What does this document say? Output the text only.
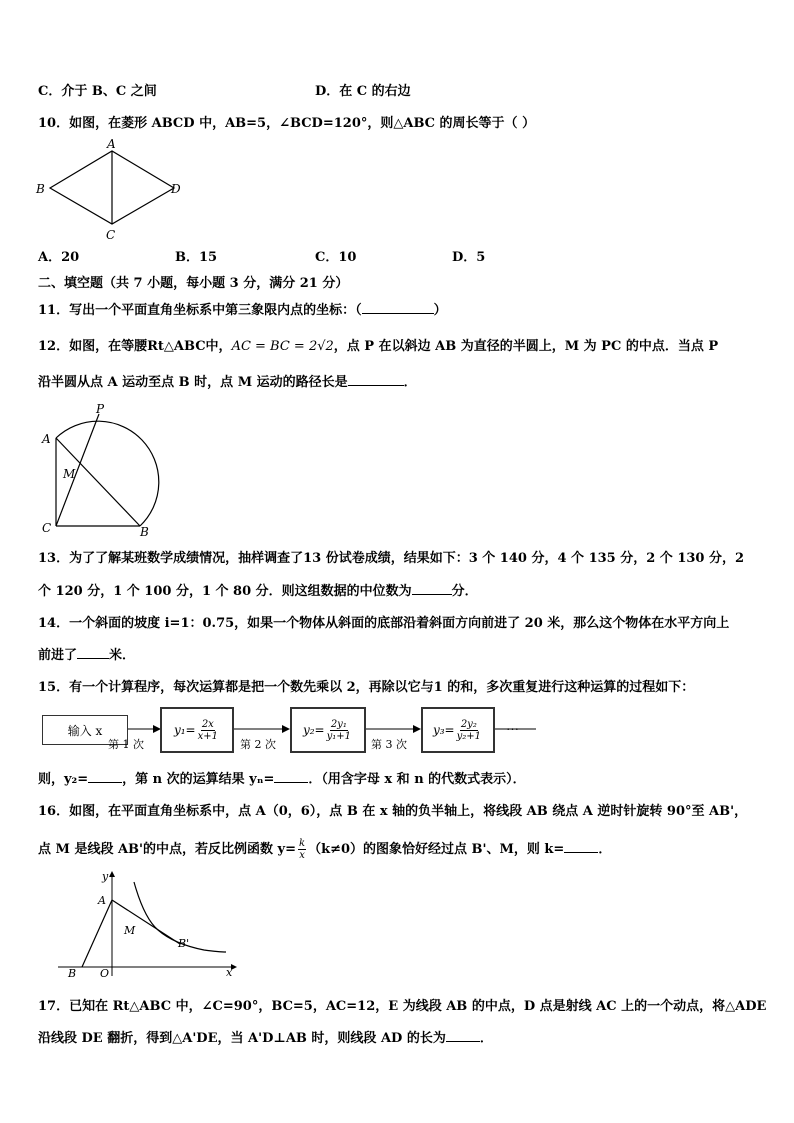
C．介于 B、C 之间	D．在 C 的右边
10．如图，在菱形 ABCD 中，AB=5，∠BCD=120°，则△ABC 的周长等于（ ）
A
B
C
D
A．20	B．15	C．10	D．5
二、填空题（共 7 小题，每小题 3 分，满分 21 分）
11．写出一个平面直角坐标系中第三象限内点的坐标：（	）
12．如图，在等腰Rt△ABC中，AC = BC = 2√2，点 P 在以斜边 AB 为直径的半圆上，M 为 PC 的中点．当点 P
沿半圆从点 A 运动至点 B 时，点 M 运动的路径长是	．
P
A
M
C	B
13．为了了解某班数学成绩情况，抽样调查了13 份试卷成绩，结果如下：3 个 140 分，4 个 135 分，2 个 130 分，2
个 120 分，1 个 100 分，1 个 80 分．则这组数据的中位数为	分．
14．一个斜面的坡度 i=1：0.75，如果一个物体从斜面的底部沿着斜面方向前进了 20 米，那么这个物体在水平方向上
前进了 米．
15．有一个计算程序，每次运算都是把一个数先乘以 2，再除以它与1 的和，多次重复进行这种运算的过程如下：
输入 x	$y_1= \frac{2x}{x+1}$	$y_2= \frac{\text{2y₁}}{\text{y₁+1}}$	$y_3= \frac{\text{2y₂}}{\text{y₂+1}}$
第 1 次	第 2 次	第 3 次
…
则，y₂=	，第 n 次的运算结果 yₙ=	．（用含字母 x 和 n 的代数式表示）．
16．如图，在平面直角坐标系中，点 A（0，6），点 B 在 x 轴的负半轴上，将线段 AB 绕点 A 逆时针旋转 90°至 AB'，
点 M 是线段 AB'的中点，若反比例函数 $y= \frac{k}{x} (k\ne 0)$的图象恰好经过点 B'、M，则 k=	．
y
A
M
B'
B O	x
17．已知在 Rt△ABC 中，∠C=90°，BC=5，AC=12，E 为线段 AB 的中点，D 点是射线 AC 上的一个动点，将△ADE
沿线段 DE 翻折，得到△A'DE，当 A'D⊥AB 时，则线段 AD 的长为	．
